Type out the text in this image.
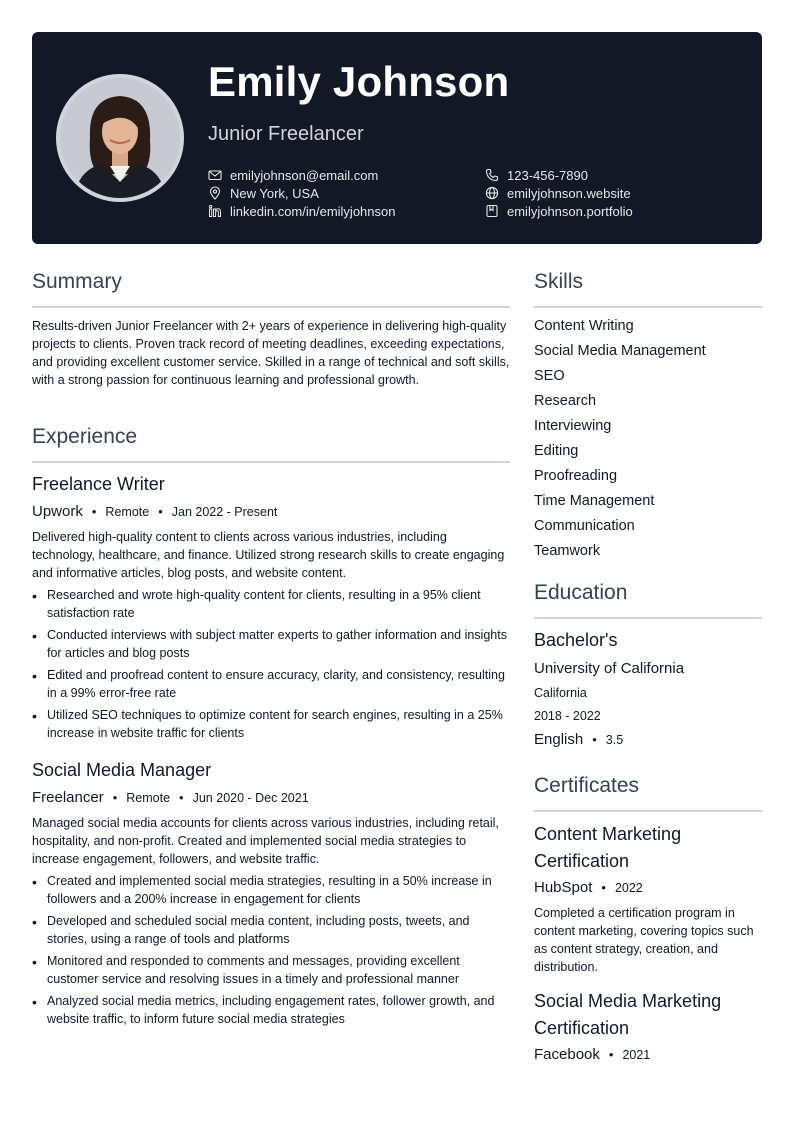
Emily Johnson
Junior Freelancer
emilyjohnson@email.com	123-456-7890
New York, USA	emilyjohnson.website
linkedin.com/in/emilyjohnson	emilyjohnson.portfolio
Summary
Results-driven Junior Freelancer with 2+ years of experience in delivering high-quality projects to clients. Proven track record of meeting deadlines, exceeding expectations, and providing excellent customer service. Skilled in a range of technical and soft skills, with a strong passion for continuous learning and professional growth.
Experience
Freelance Writer
Upwork • Remote • Jan 2022 - Present
Delivered high-quality content to clients across various industries, including technology, healthcare, and finance. Utilized strong research skills to create engaging and informative articles, blog posts, and website content.
• Researched and wrote high-quality content for clients, resulting in a 95% client satisfaction rate
• Conducted interviews with subject matter experts to gather information and insights for articles and blog posts
• Edited and proofread content to ensure accuracy, clarity, and consistency, resulting in a 99% error-free rate
• Utilized SEO techniques to optimize content for search engines, resulting in a 25% increase in website traffic for clients
Social Media Manager
Freelancer • Remote • Jun 2020 - Dec 2021
Managed social media accounts for clients across various industries, including retail, hospitality, and non-profit. Created and implemented social media strategies to increase engagement, followers, and website traffic.
• Created and implemented social media strategies, resulting in a 50% increase in followers and a 200% increase in engagement for clients
• Developed and scheduled social media content, including posts, tweets, and stories, using a range of tools and platforms
• Monitored and responded to comments and messages, providing excellent customer service and resolving issues in a timely and professional manner
• Analyzed social media metrics, including engagement rates, follower growth, and website traffic, to inform future social media strategies
Skills
Content Writing
Social Media Management
SEO
Research
Interviewing
Editing
Proofreading
Time Management
Communication
Teamwork
Education
Bachelor's
University of California
California
2018 - 2022
English • 3.5
Certificates
Content Marketing Certification
HubSpot • 2022
Completed a certification program in content marketing, covering topics such as content strategy, creation, and distribution.
Social Media Marketing Certification
Facebook • 2021
